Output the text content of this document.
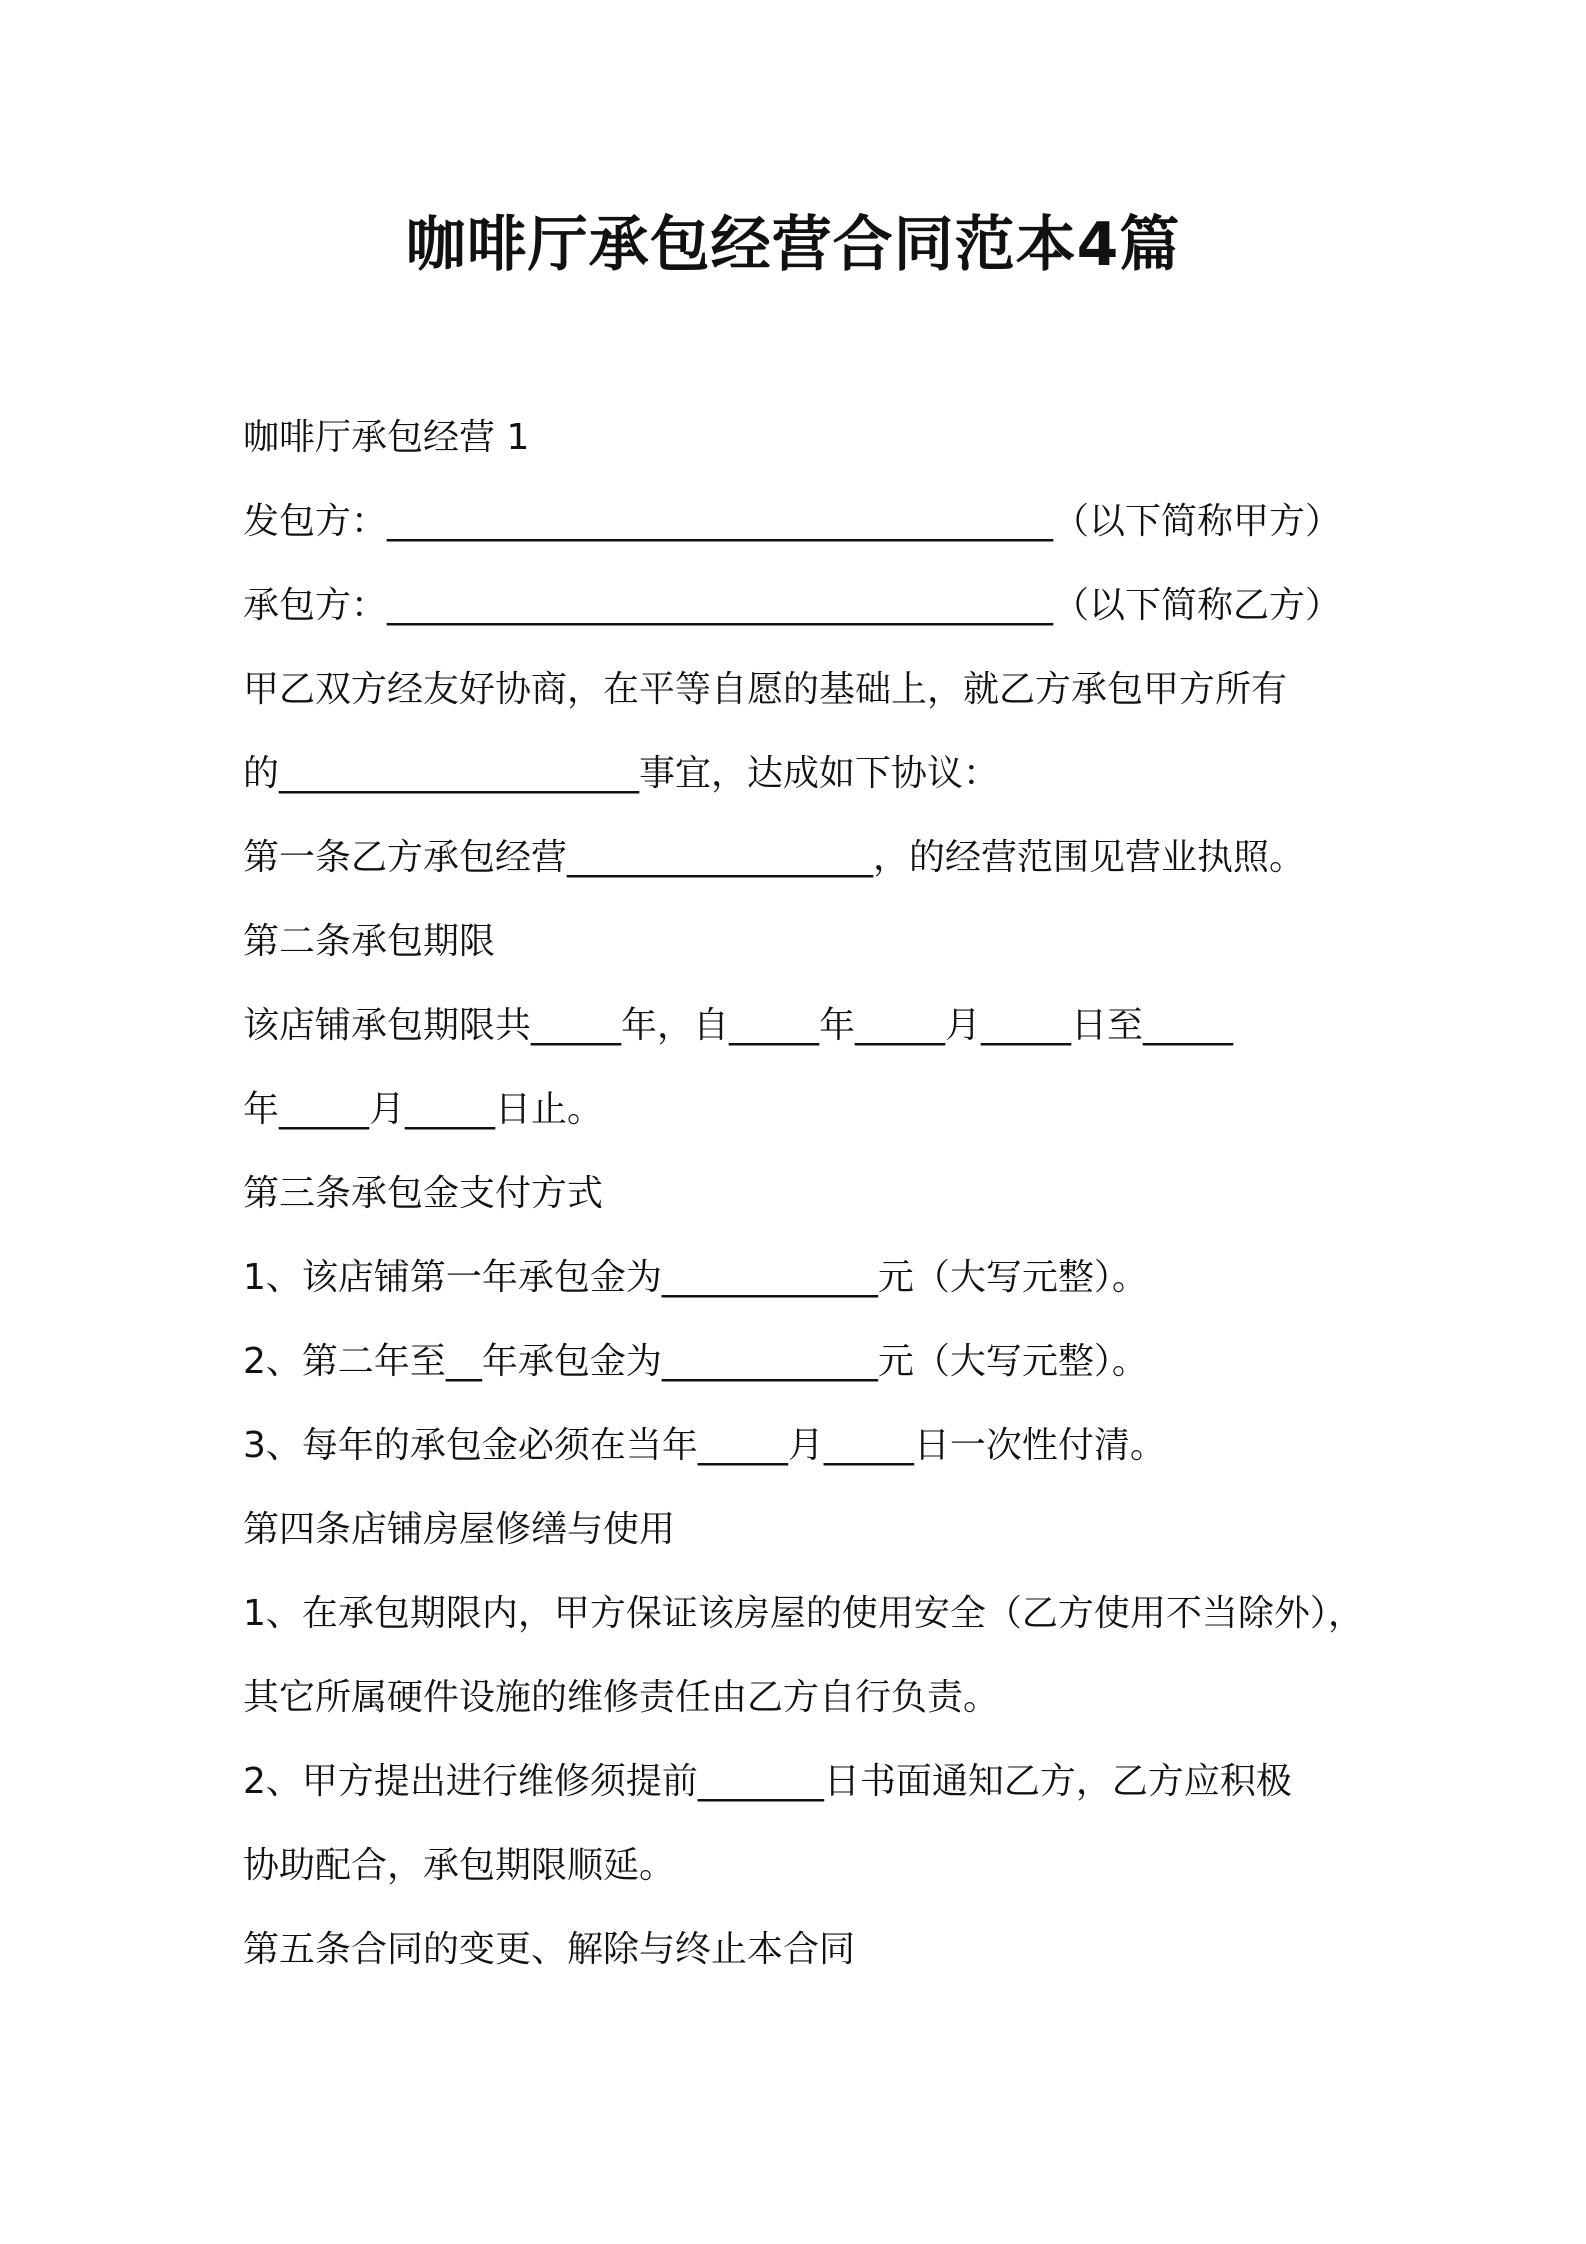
咖啡厅承包经营合同范本4篇
咖啡厅承包经营 1
发包方：_____________________________________（以下简称甲方）
承包方：_____________________________________（以下简称乙方）
甲乙双方经友好协商，在平等自愿的基础上，就乙方承包甲方所有
的____________________事宜，达成如下协议：
第一条乙方承包经营_________________，的经营范围见营业执照。
第二条承包期限
该店铺承包期限共_____年，自_____年_____月_____日至_____
年_____月_____日止。
第三条承包金支付方式
1、该店铺第一年承包金为____________元（大写元整）。
2、第二年至__年承包金为____________元（大写元整）。
3、每年的承包金必须在当年_____月_____日一次性付清。
第四条店铺房屋修缮与使用
1、在承包期限内，甲方保证该房屋的使用安全（乙方使用不当除外），
其它所属硬件设施的维修责任由乙方自行负责。
2、甲方提出进行维修须提前_______日书面通知乙方，乙方应积极
协助配合，承包期限顺延。
第五条合同的变更、解除与终止本合同
